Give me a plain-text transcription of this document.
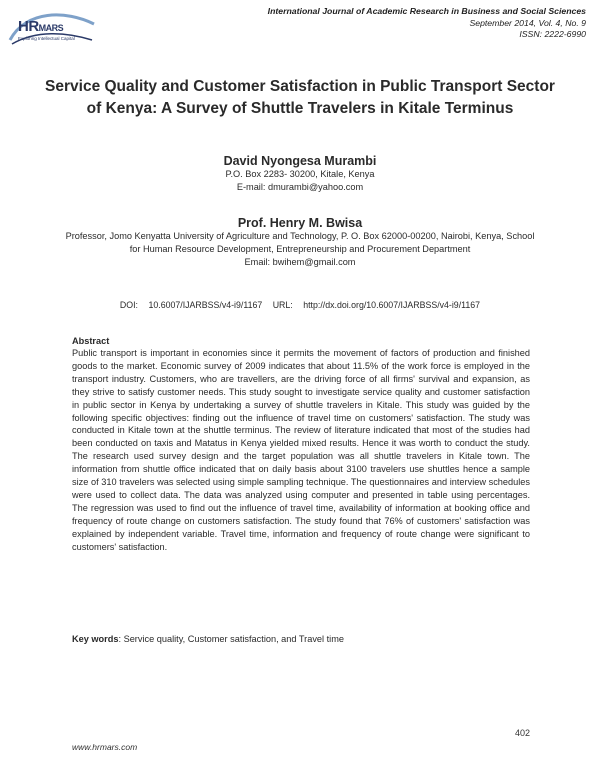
HRMARS
Exploring Intellectual Capital
International Journal of Academic Research in Business and Social Sciences
September 2014, Vol. 4, No. 9
ISSN: 2222-6990
Service Quality and Customer Satisfaction in Public Transport Sector of Kenya: A Survey of Shuttle Travelers in Kitale Terminus
David Nyongesa Murambi
P.O. Box 2283- 30200, Kitale, Kenya
E-mail: dmurambi@yahoo.com
Prof. Henry M. Bwisa
Professor, Jomo Kenyatta University of Agriculture and Technology, P. O. Box 62000-00200, Nairobi, Kenya, School for Human Resource Development, Entrepreneurship and Procurement Department
Email: bwihem@gmail.com
DOI: 10.6007/IJARBSS/v4-i9/1167 URL: http://dx.doi.org/10.6007/IJARBSS/v4-i9/1167
Abstract

Public transport is important in economies since it permits the movement of factors of production and finished goods to the market. Economic survey of 2009 indicates that about 11.5% of the work force is employed in the transport industry. Customers, who are travellers, are the driving force of all firms' survival and expansion, as they strive to satisfy customer needs. This study sought to investigate service quality and customer satisfaction in public sector in Kenya by undertaking a survey of shuttle travelers in Kitale. This study was guided by the following specific objectives: finding out the influence of travel time on customers' satisfaction. The study was conducted in Kitale town at the shuttle terminus. The review of literature indicated that most of the studies had been conducted on taxis and Matatus in Kenya yielded mixed results. Hence it was worth to conduct the study. The research used survey design and the target population was all shuttle travelers in Kitale town. The information from shuttle office indicated that on daily basis about 3100 travelers use shuttles hence a sample size of 310 travelers was selected using simple sampling technique. The questionnaires and interview schedules were used to collect data. The data was analyzed using computer and presented in table using percentages. The regression was used to find out the influence of travel time, availability of information at booking office and frequency of route change on customers satisfaction. The study found that 76% of customers' satisfaction was explained by independent variable. Travel time, information and frequency of route change were significant to customers' satisfaction.

Key words: Service quality, Customer satisfaction, and Travel time
402
www.hrmars.com
